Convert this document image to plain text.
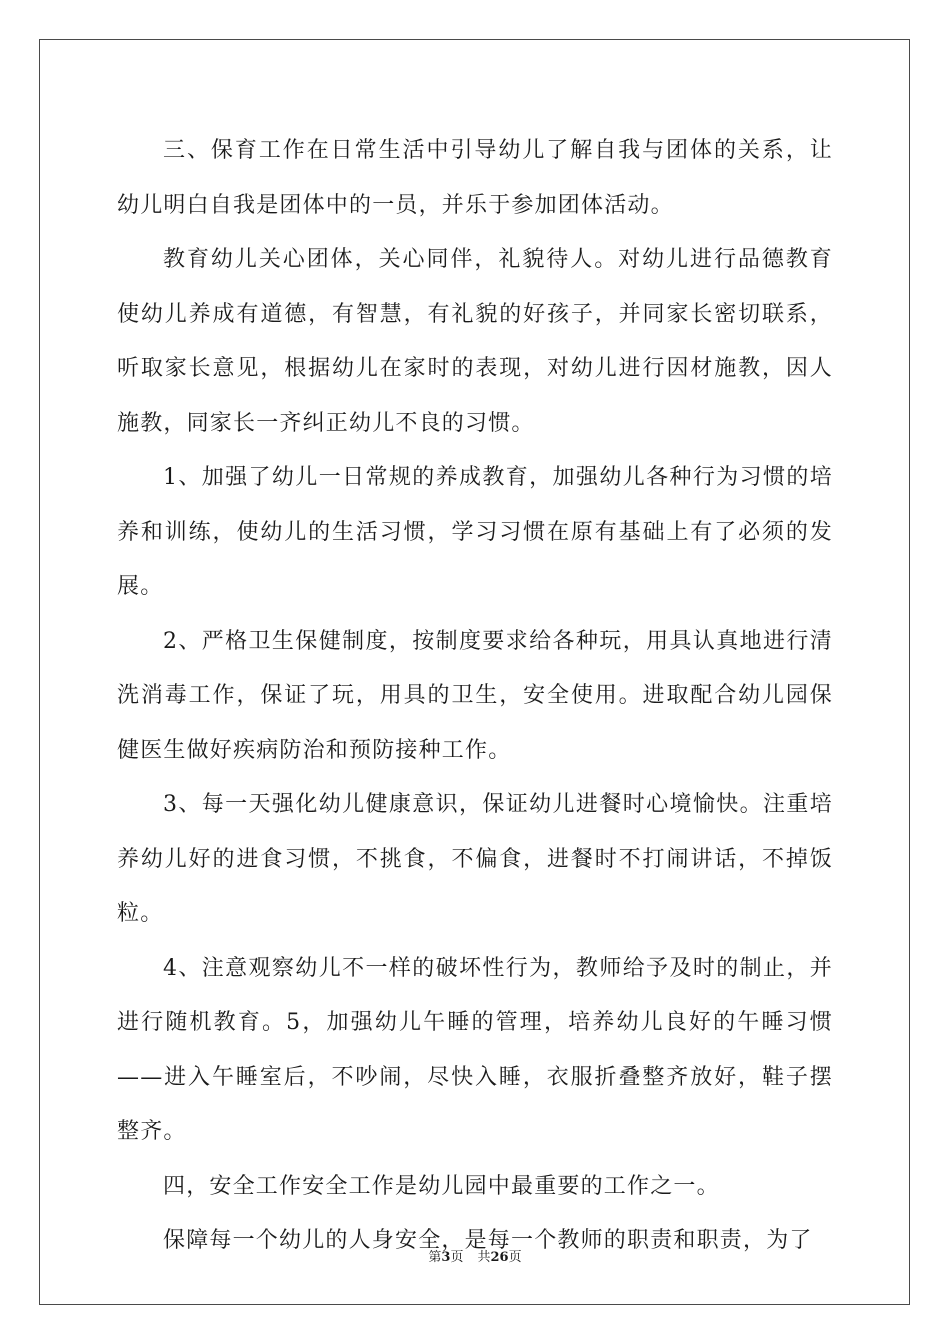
三、保育工作在日常生活中引导幼儿了解自我与团体的关系，让幼儿明白自我是团体中的一员，并乐于参加团体活动。

教育幼儿关心团体，关心同伴，礼貌待人。对幼儿进行品德教育使幼儿养成有道德，有智慧，有礼貌的好孩子，并同家长密切联系，听取家长意见，根据幼儿在家时的表现，对幼儿进行因材施教，因人施教，同家长一齐纠正幼儿不良的习惯。

1、加强了幼儿一日常规的养成教育，加强幼儿各种行为习惯的培养和训练，使幼儿的生活习惯，学习习惯在原有基础上有了必须的发展。

2、严格卫生保健制度，按制度要求给各种玩，用具认真地进行清洗消毒工作，保证了玩，用具的卫生，安全使用。进取配合幼儿园保健医生做好疾病防治和预防接种工作。

3、每一天强化幼儿健康意识，保证幼儿进餐时心境愉快。注重培养幼儿好的进食习惯，不挑食，不偏食，进餐时不打闹讲话，不掉饭粒。

4、注意观察幼儿不一样的破坏性行为，教师给予及时的制止，并进行随机教育。5，加强幼儿午睡的管理，培养幼儿良好的午睡习惯——进入午睡室后，不吵闹，尽快入睡，衣服折叠整齐放好，鞋子摆整齐。

四，安全工作安全工作是幼儿园中最重要的工作之一。

保障每一个幼儿的人身安全，是每一个教师的职责和职责，为了

第3页 共26页
